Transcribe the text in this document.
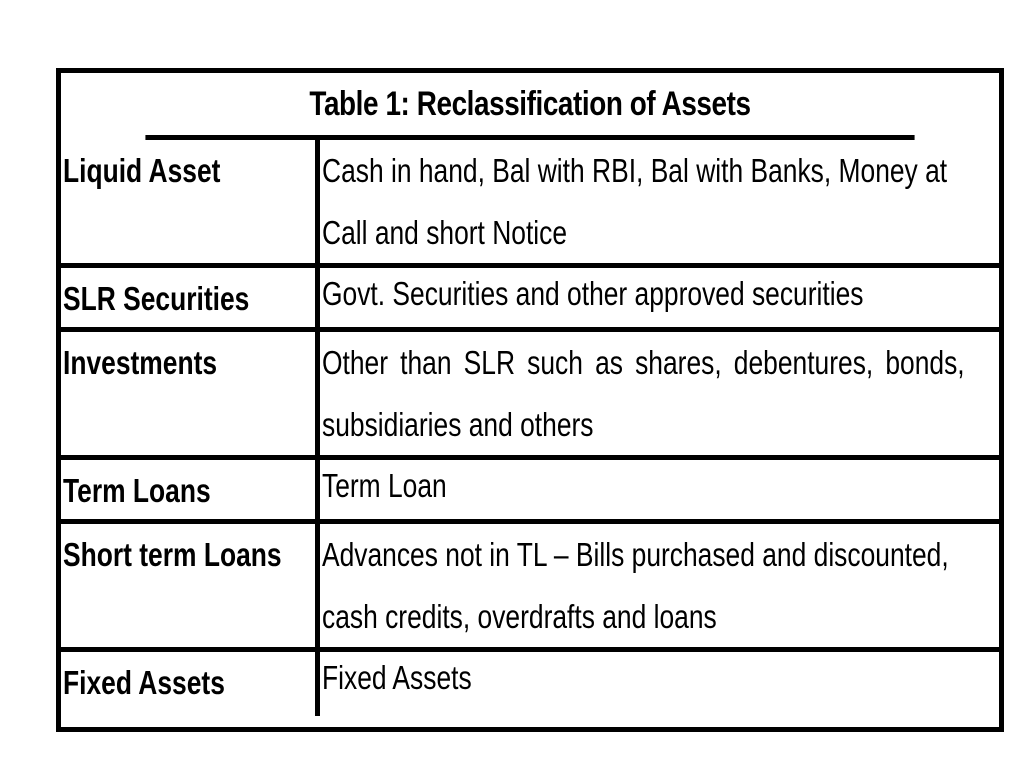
Table 1: Reclassification of Assets
Liquid Asset	Cash in hand, Bal with RBI, Bal with Banks, Money at
Call and short Notice
SLR Securities	Govt. Securities and other approved securities
Investments	Other than SLR such as shares, debentures, bonds,
subsidiaries and others
Term Loans	Term Loan
Short term Loans	Advances not in TL – Bills purchased and discounted,
cash credits, overdrafts and loans
Fixed Assets	Fixed Assets
